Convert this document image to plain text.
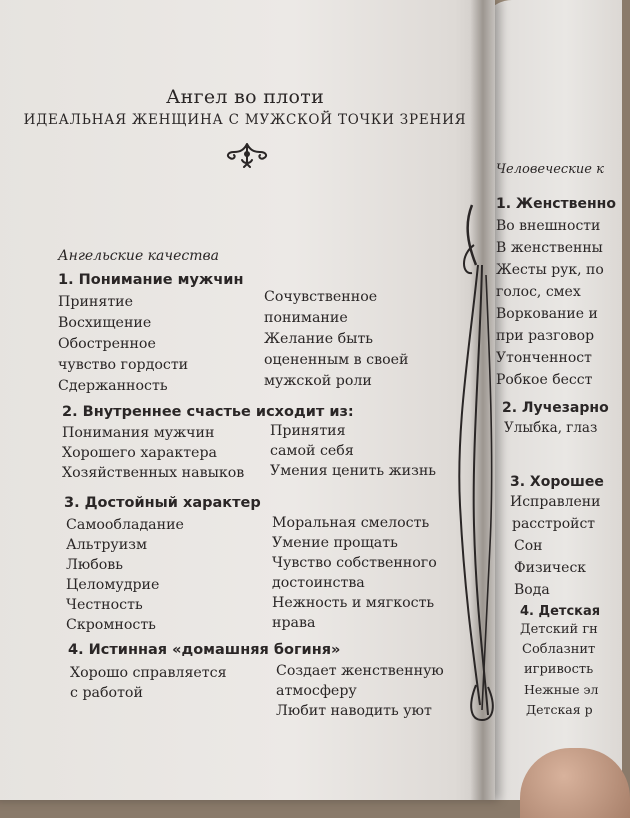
Ангел во плоти
ИДЕАЛЬНАЯ ЖЕНЩИНА С МУЖСКОЙ ТОЧКИ ЗРЕНИЯ
Ангельские качества
1. Понимание мужчин
Принятие
Восхищение
Обостренное
чувство гордости
Сдержанность
Сочувственное
понимание
Желание быть
оцененным в своей
мужской роли
2. Внутреннее счастье исходит из:
Понимания мужчин
Хорошего характера
Хозяйственных навыков
Принятия
самой себя
Умения ценить жизнь
3. Достойный характер
Самообладание
Альтруизм
Любовь
Целомудрие
Честность
Скромность
Моральная смелость
Умение прощать
Чувство собственного
достоинства
Нежность и мягкость
нрава
4. Истинная «домашняя богиня»
Хорошо справляется
с работой
Создает женственную
атмосферу
Любит наводить уют
Человеческие к
1. Женственно
Во внешности
В женственны
Жесты рук, по
голос, смех
Воркование и
при разговор
Утонченност
Робкое бесст
2. Лучезарно
Улыбка, глаз
3. Хорошее
Исправлени
расстройст
Сон
Физическ
Вода
4. Детская
Детский гн
Соблазнит
игривость
Нежные эл
Детская р
